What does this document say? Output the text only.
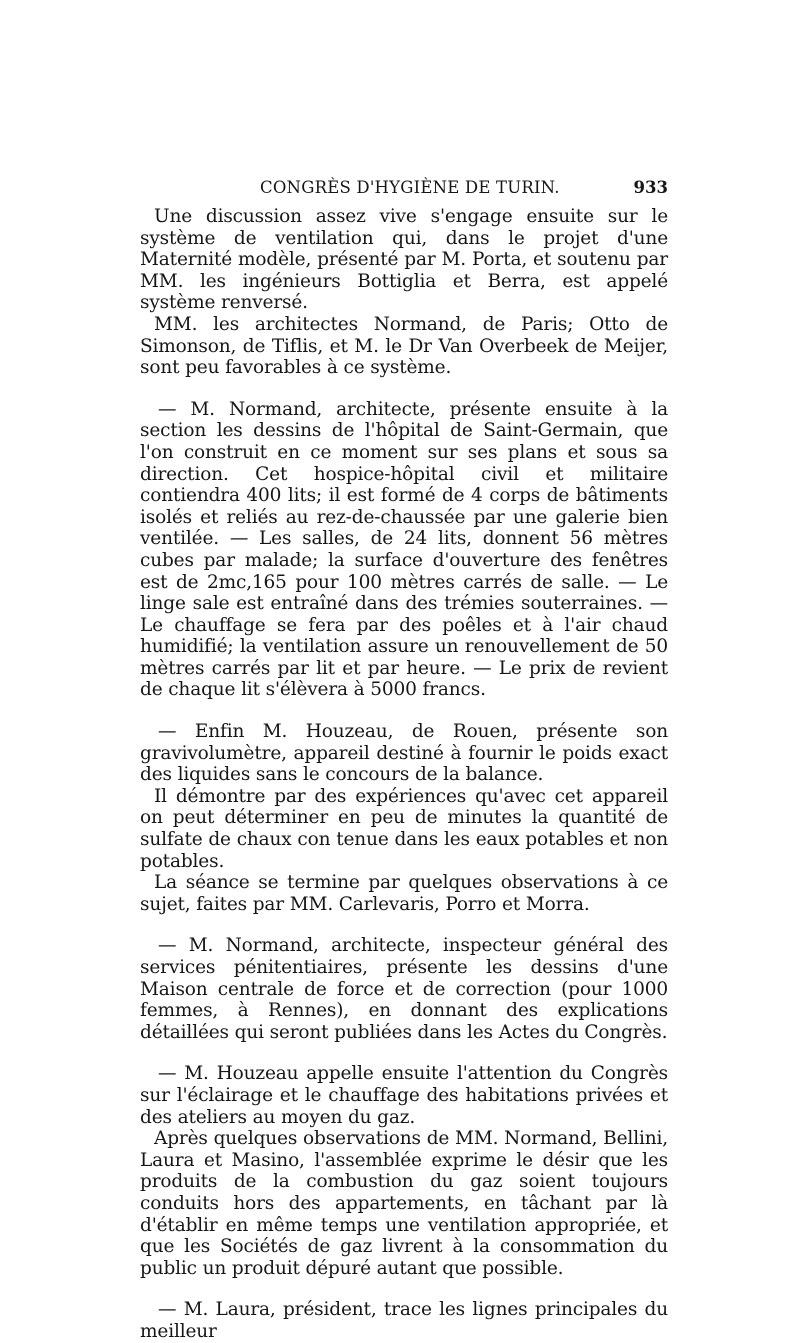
CONGRÈS D'HYGIÈNE DE TURIN.	933

Une discussion assez vive s'engage ensuite sur le système de ventilation qui, dans le projet d'une Maternité modèle, présenté par M. Porta, et soutenu par MM. les ingénieurs Bottiglia et Berra, est appelé système renversé.

MM. les architectes Normand, de Paris; Otto de Simonson, de Tiflis, et M. le Dr Van Overbeek de Meijer, sont peu favorables à ce système.

— M. Normand, architecte, présente ensuite à la section les dessins de l'hôpital de Saint-Germain, que l'on construit en ce moment sur ses plans et sous sa direction. Cet hospice-hôpital civil et militaire contiendra 400 lits; il est formé de 4 corps de bâtiments isolés et reliés au rez-de-chaussée par une galerie bien ventilée. — Les salles, de 24 lits, donnent 56 mètres cubes par malade; la surface d'ouverture des fenêtres est de 2mc,165 pour 100 mètres carrés de salle. — Le linge sale est entraîné dans des trémies souterraines. — Le chauffage se fera par des poêles et à l'air chaud humidifié; la ventilation assure un renouvellement de 50 mètres carrés par lit et par heure. — Le prix de revient de chaque lit s'élèvera à 5000 francs.

— Enfin M. Houzeau, de Rouen, présente son gravivolumètre, appareil destiné à fournir le poids exact des liquides sans le concours de la balance.

Il démontre par des expériences qu'avec cet appareil on peut déterminer en peu de minutes la quantité de sulfate de chaux con tenue dans les eaux potables et non potables.

La séance se termine par quelques observations à ce sujet, faites par MM. Carlevaris, Porro et Morra.

— M. Normand, architecte, inspecteur général des services pénitentiaires, présente les dessins d'une Maison centrale de force et de correction (pour 1000 femmes, à Rennes), en donnant des explications détaillées qui seront publiées dans les Actes du Congrès.

— M. Houzeau appelle ensuite l'attention du Congrès sur l'éclairage et le chauffage des habitations privées et des ateliers au moyen du gaz.

Après quelques observations de MM. Normand, Bellini, Laura et Masino, l'assemblée exprime le désir que les produits de la combustion du gaz soient toujours conduits hors des appartements, en tâchant par là d'établir en même temps une ventilation appropriée, et que les Sociétés de gaz livrent à la consommation du public un produit dépuré autant que possible.

— M. Laura, président, trace les lignes principales du meilleur
